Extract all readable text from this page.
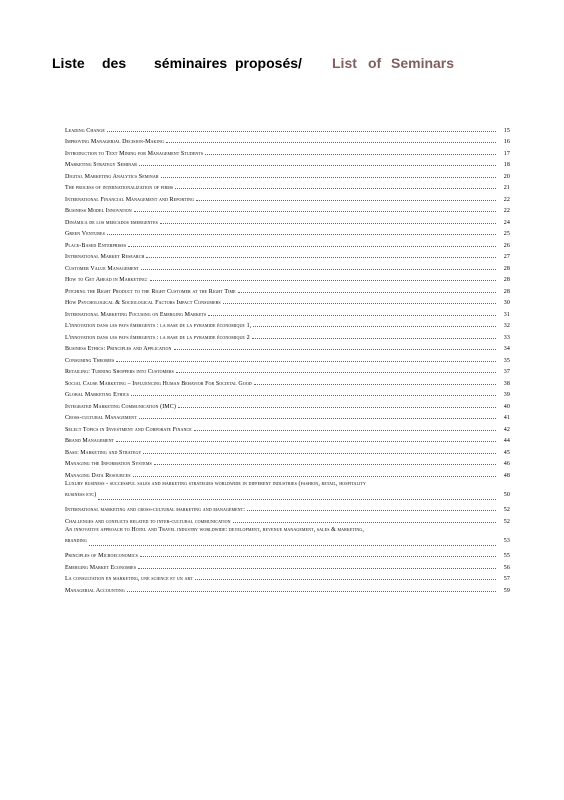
Liste des séminaires proposés/ List of Seminars
Leading Change	15
Improving Managerial Decision-Making	16
Introduction to Text Mining for Management Students	17
Marketing Strategy Seminar	18
Digital Marketing Analytics Seminar	20
The process of internationalization of firms	21
International Financial Management and Reporting	22
Business Model Innovation	22
Dinámica de los mercados emergentes	24
Green Ventures	25
Place-Based Enterprises	26
International Market Research	27
Customer Value Management	28
How to Get Ahead in Marketing:	28
Pitching the Right Product to the Right Customer at the Right Time	28
How Psychological & Sociological Factors Impact Consumers	30
International Marketing Focusing on Emerging Markets	31
L'innovation dans les pays émergents : la base de la pyramide économique 1,	32
L'innovation dans les pays émergents : la base de la pyramide économique 2	33
Business Ethics: Principles and Application	34
Consuming Theories	35
Retailing: Turning Shoppers into Customers	37
Social Cause Marketing – Influencing Human Behavior For Societal Good	38
Global Marketing Ethics	39
Integrated Marketing Communication (IMC)	40
Cross-cultural Management	41
Select Topics in Investment and Corporate Finance	42
Brand Management	44
Basic Marketing and Strategy	45
Managing the Information Systems	46
Managing Data Resources	48
Luxury business - successful sales and marketing strategies worldwide in different industries (fashion, retail, hospitality
business etc)	50
International marketing and cross-cultural marketing and management:	52
Challenges and conflicts related to inter-cultural communication	52
An innovative approach to Hotel and Travel industry worldwide: development, revenue management, sales & marketing,
branding	53
Principles of Microeconomics	55
Emerging Market Economies	56
La consultation en marketing, une science et un art	57
Managerial Accounting	59
